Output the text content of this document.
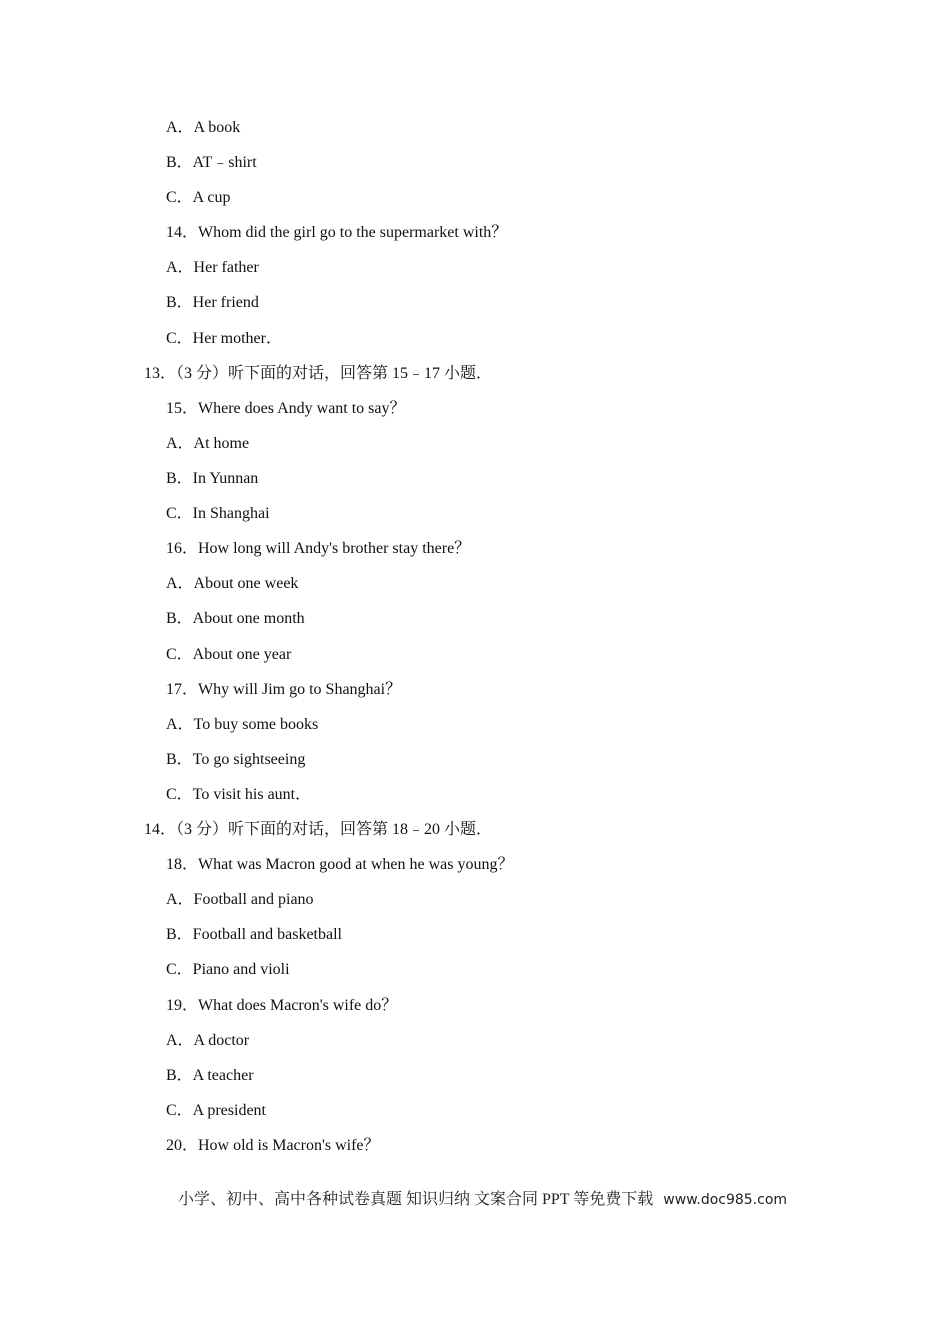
A．A book
B．AT﹣shirt
C．A cup
14．Whom did the girl go to the supermarket with？
A．Her father
B．Her friend
C．Her mother．
13．（3 分）听下面的对话，回答第 15﹣17 小题．
15．Where does Andy want to say？
A．At home
B．In Yunnan
C．In Shanghai
16．How long will Andy's brother stay there？
A．About one week
B．About one month
C．About one year
17．Why will Jim go to Shanghai？
A．To buy some books
B．To go sightseeing
C．To visit his aunt．
14．（3 分）听下面的对话，回答第 18﹣20 小题．
18．What was Macron good at when he was young？
A．Football and piano
B．Football and basketball
C．Piano and violi
19．What does Macron's wife do？
A．A doctor
B．A teacher
C．A president
20．How old is Macron's wife？
小学、初中、高中各种试卷真题 知识归纳 文案合同 PPT 等免费下载 www.doc985.com
